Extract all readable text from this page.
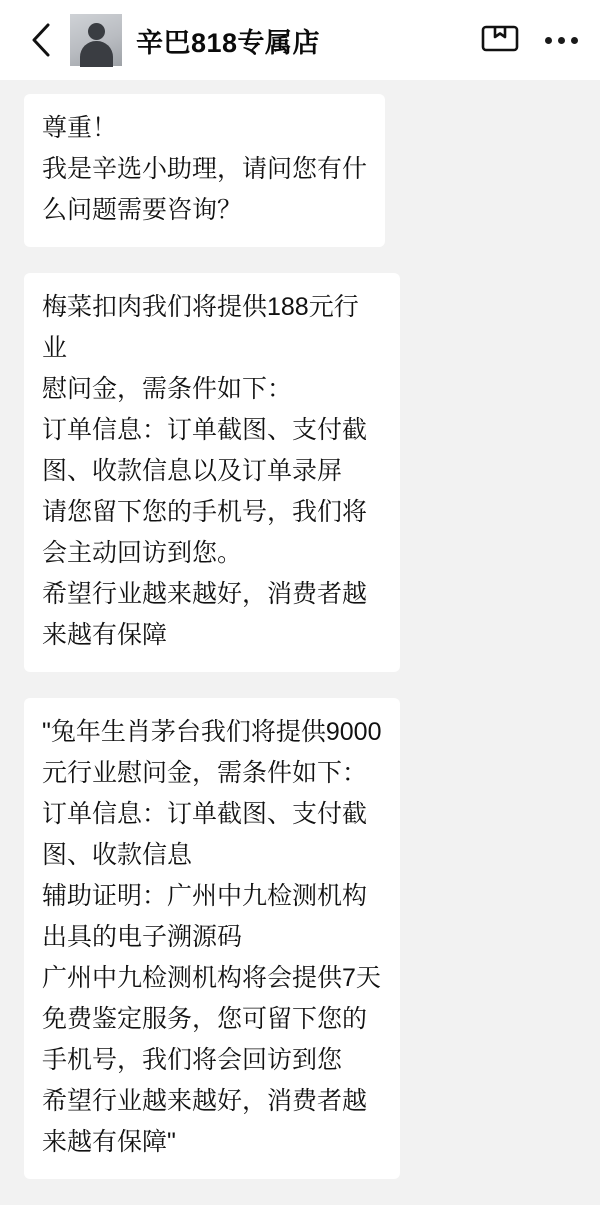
辛巴818专属店

尊重！

我是辛选小助理，请问您有什

么问题需要咨询？

梅菜扣肉我们将提供188元行业

慰问金，需条件如下：

订单信息：订单截图、支付截

图、收款信息以及订单录屏

请您留下您的手机号，我们将

会主动回访到您。

希望行业越来越好，消费者越

来越有保障

"兔年生肖茅台我们将提供9000

元行业慰问金，需条件如下：

订单信息：订单截图、支付截

图、收款信息

辅助证明：广州中九检测机构

出具的电子溯源码

广州中九检测机构将会提供7天

免费鉴定服务，您可留下您的

手机号，我们将会回访到您

希望行业越来越好，消费者越

来越有保障"
